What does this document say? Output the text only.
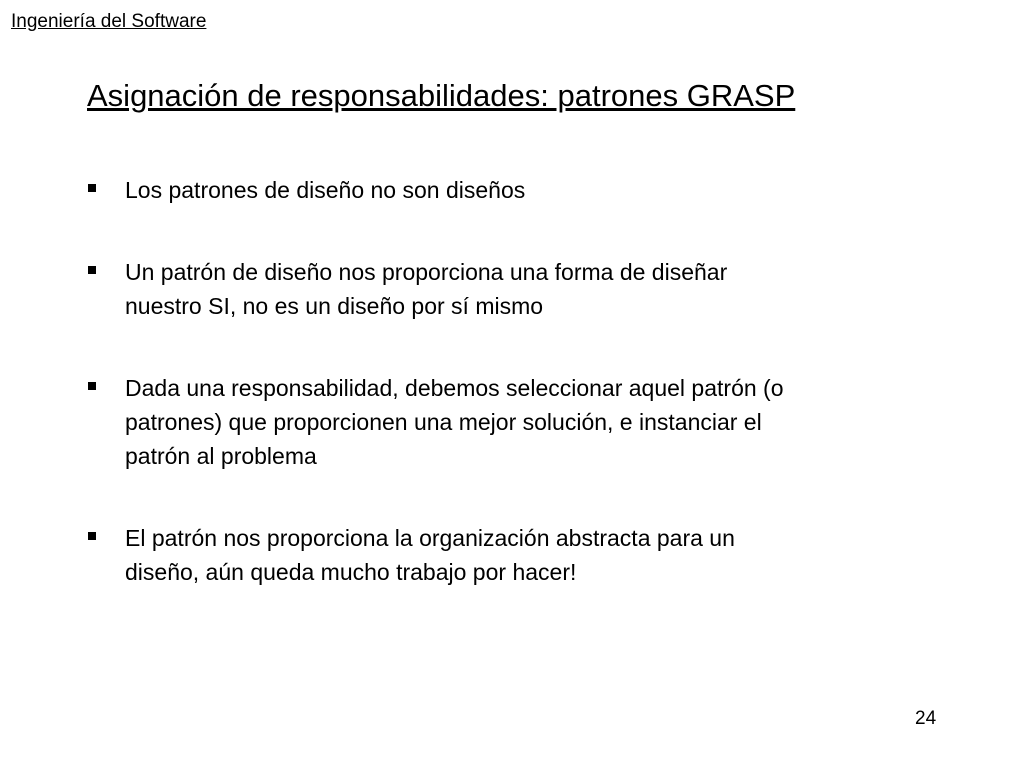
Ingeniería del Software
Asignación de responsabilidades: patrones GRASP
Los patrones de diseño no son diseños
Un patrón de diseño nos proporciona una forma de diseñar
nuestro SI, no es un diseño por sí mismo
Dada una responsabilidad, debemos seleccionar aquel patrón (o
patrones) que proporcionen una mejor solución, e instanciar el
patrón al problema
El patrón nos proporciona la organización abstracta para un
diseño, aún queda mucho trabajo por hacer!
24
